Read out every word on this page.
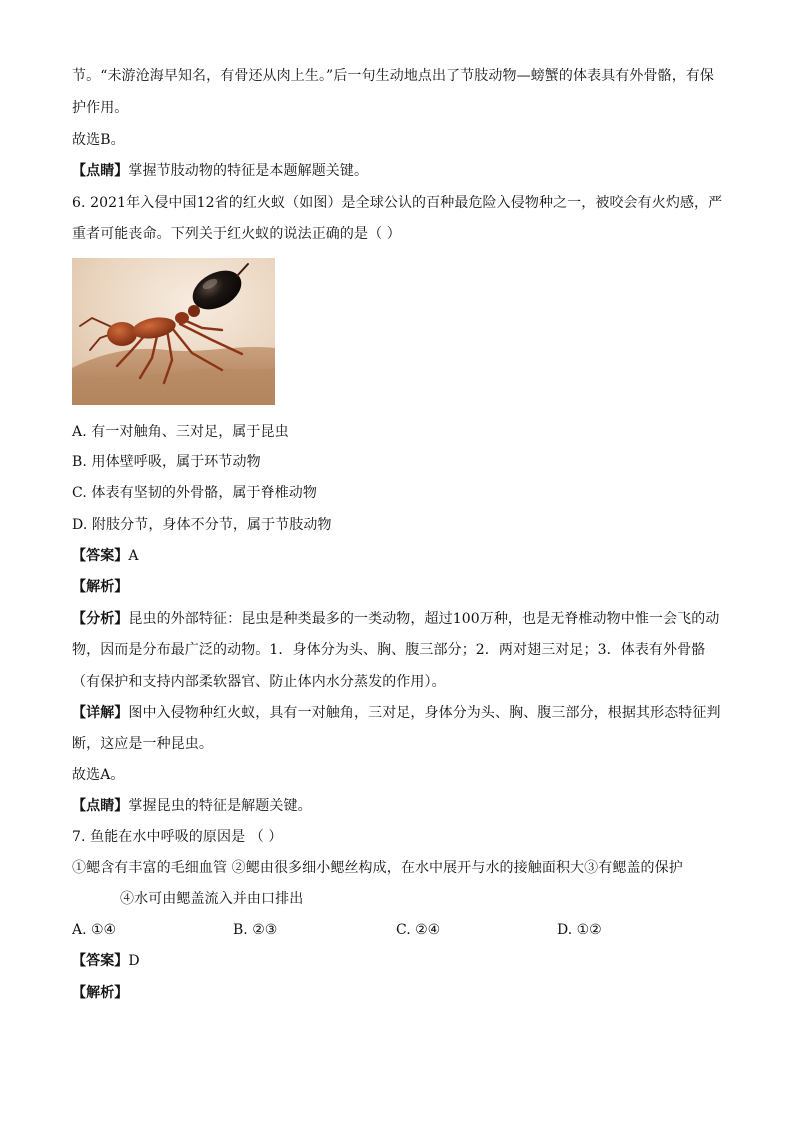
节。“未游沧海早知名，有骨还从肉上生。”后一句生动地点出了节肢动物—螃蟹的体表具有外骨骼，有保
护作用。
故选B。
【点睛】掌握节肢动物的特征是本题解题关键。
6. 2021年入侵中国12省的红火蚁（如图）是全球公认的百种最危险入侵物种之一，被咬会有火灼感，严
重者可能丧命。下列关于红火蚁的说法正确的是（ ）
A. 有一对触角、三对足，属于昆虫
B. 用体壁呼吸，属于环节动物
C. 体表有坚韧的外骨骼，属于脊椎动物
D. 附肢分节，身体不分节，属于节肢动物
【答案】A
【解析】
【分析】昆虫的外部特征：昆虫是种类最多的一类动物，超过100万种，也是无脊椎动物中惟一会飞的动
物，因而是分布最广泛的动物。1．身体分为头、胸、腹三部分；2．两对翅三对足；3．体表有外骨骼
（有保护和支持内部柔软器官、防止体内水分蒸发的作用）。
【详解】图中入侵物种红火蚁，具有一对触角，三对足，身体分为头、胸、腹三部分，根据其形态特征判
断，这应是一种昆虫。
故选A。
【点睛】掌握昆虫的特征是解题关键。
7. 鱼能在水中呼吸的原因是 （ ）
①鳃含有丰富的毛细血管 ②鳃由很多细小鳃丝构成，在水中展开与水的接触面积大③有鳃盖的保护
④水可由鳃盖流入并由口排出
A. ①④	B. ②③	C. ②④	D. ①②
【答案】D
【解析】
